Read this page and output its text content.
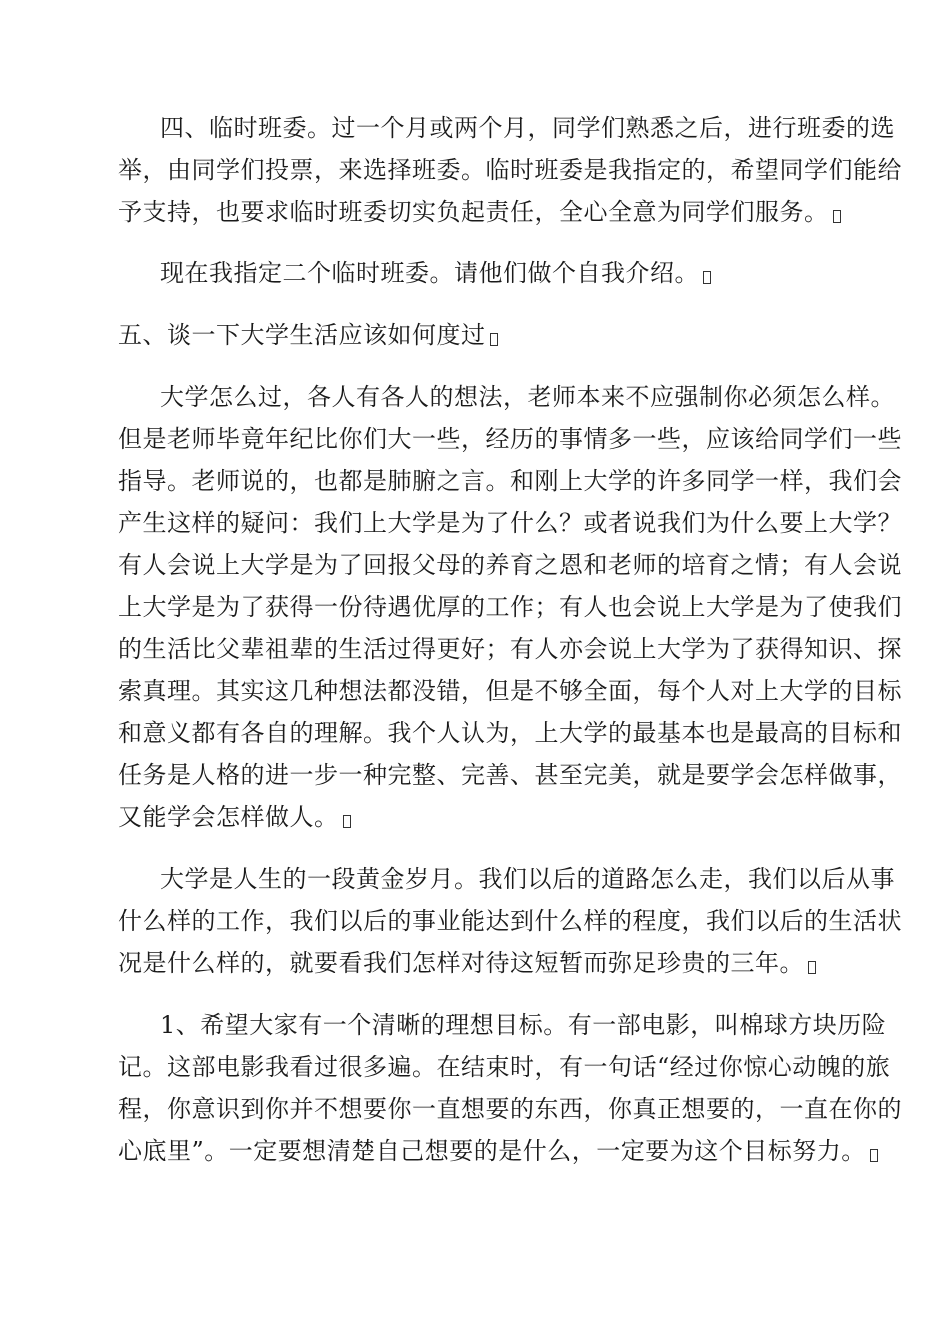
四、临时班委。过一个月或两个月，同学们熟悉之后，进行班委的选
举，由同学们投票，来选择班委。临时班委是我指定的，希望同学们能给
予支持，也要求临时班委切实负起责任，全心全意为同学们服务。
现在我指定二个临时班委。请他们做个自我介绍。
五、谈一下大学生活应该如何度过
大学怎么过，各人有各人的想法，老师本来不应强制你必须怎么样。
但是老师毕竟年纪比你们大一些，经历的事情多一些，应该给同学们一些
指导。老师说的，也都是肺腑之言。和刚上大学的许多同学一样，我们会
产生这样的疑问：我们上大学是为了什么？或者说我们为什么要上大学？
有人会说上大学是为了回报父母的养育之恩和老师的培育之情；有人会说
上大学是为了获得一份待遇优厚的工作；有人也会说上大学是为了使我们
的生活比父辈祖辈的生活过得更好；有人亦会说上大学为了获得知识、探
索真理。其实这几种想法都没错，但是不够全面，每个人对上大学的目标
和意义都有各自的理解。我个人认为，上大学的最基本也是最高的目标和
任务是人格的进一步一种完整、完善、甚至完美，就是要学会怎样做事，
又能学会怎样做人。
大学是人生的一段黄金岁月。我们以后的道路怎么走，我们以后从事
什么样的工作，我们以后的事业能达到什么样的程度，我们以后的生活状
况是什么样的，就要看我们怎样对待这短暂而弥足珍贵的三年。
1、希望大家有一个清晰的理想目标。有一部电影，叫棉球方块历险
记。这部电影我看过很多遍。在结束时，有一句话“经过你惊心动魄的旅
程，你意识到你并不想要你一直想要的东西，你真正想要的，一直在你的
心底里”。一定要想清楚自己想要的是什么，一定要为这个目标努力。
